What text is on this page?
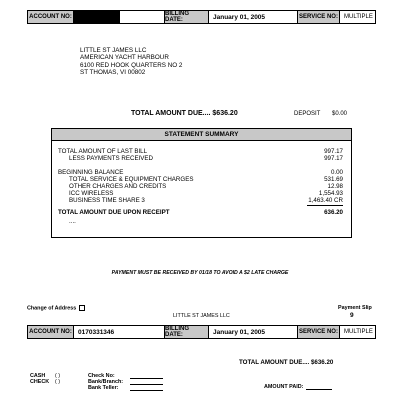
ACCOUNT NO:	BILLING DATE:	January 01, 2005	SERVICE NO:	MULTIPLE
LITTLE ST JAMES LLC
AMERICAN YACHT HARBOUR
6100 RED HOOK QUARTERS NO 2
ST THOMAS, VI 00802
TOTAL AMOUNT DUE.... $636.20	DEPOSIT $0.00
STATEMENT SUMMARY
TOTAL AMOUNT OF LAST BILL	997.17
LESS PAYMENTS RECEIVED	997.17
BEGINNING BALANCE	0.00
TOTAL SERVICE & EQUIPMENT CHARGES	531.69
OTHER CHARGES AND CREDITS	12.98
ICC WIRELESS	1,554.93
BUSINESS TIME SHARE 3	1,463.40 CR
TOTAL AMOUNT DUE UPON RECEIPT	636.20
....
PAYMENT MUST BE RECEIVED BY 01/18 TO AVOID A $2 LATE CHARGE
Change of Address	Payment Slip
9
LITTLE ST JAMES LLC
ACCOUNT NO: 0170331346	BILLING DATE:	January 01, 2005	SERVICE NO:	MULTIPLE
TOTAL AMOUNT DUE.... $636.20
CASH ( )
CHECK ( )
Check No:
Bank/Branch:
Bank Teller:	AMOUNT PAID:
